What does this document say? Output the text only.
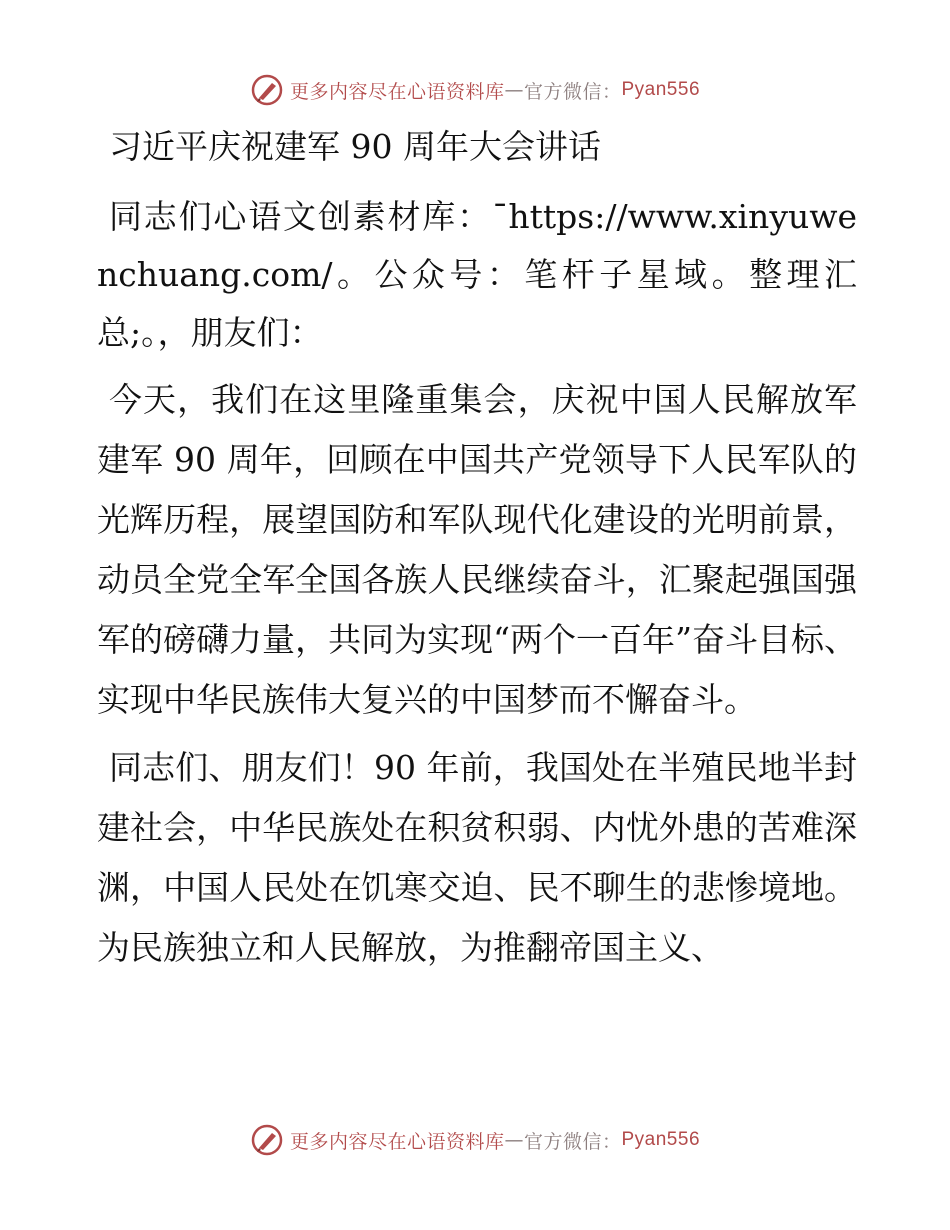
更多内容尽在心语资料库 — 官方微信： Pyan556
习近平庆祝建军 90 周年大会讲话

同志们心语文创素材库：¯https://www.xinyuwenchuang.com/。公众号：笔杆子星域。整理汇总;。，朋友们：

今天，我们在这里隆重集会，庆祝中国人民解放军建军 90 周年，回顾在中国共产党领导下人民军队的光辉历程，展望国防和军队现代化建设的光明前景，动员全党全军全国各族人民继续奋斗，汇聚起强国强军的磅礴力量，共同为实现“两个一百年”奋斗目标、实现中华民族伟大复兴的中国梦而不懈奋斗。

同志们、朋友们！90 年前，我国处在半殖民地半封建社会，中华民族处在积贫积弱、内忧外患的苦难深渊，中国人民处在饥寒交迫、民不聊生的悲惨境地。为民族独立和人民解放，为推翻帝国主义、

更多内容尽在心语资料库 — 官方微信： Pyan556
